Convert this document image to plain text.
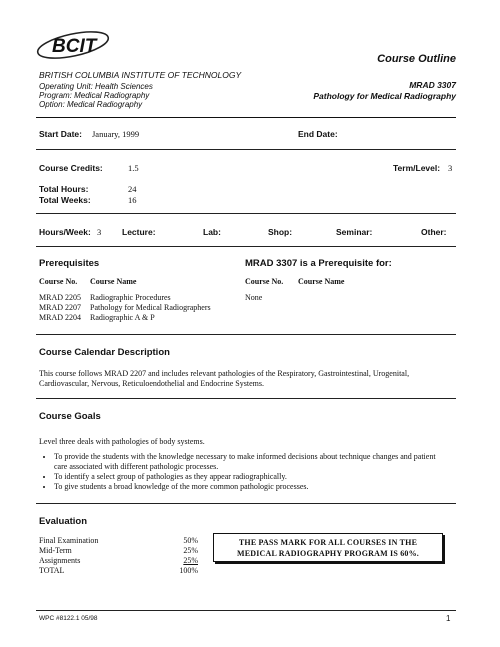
BCIT
Course Outline
BRITISH COLUMBIA INSTITUTE OF TECHNOLOGY
Operating Unit: Health Sciences
Program: Medical Radiography
Option: Medical Radiography
MRAD 3307
Pathology for Medical Radiography
Start Date: January, 1999	End Date:
Course Credits:	1.5	Term/Level: 3
Total Hours:	24
Total Weeks:	16
Hours/Week: 3 Lecture:	Lab:	Shop:	Seminar:	Other:
Prerequisites	MRAD 3307 is a Prerequisite for:
Course No. Course Name	Course No. Course Name
MRAD 2205 Radiographic Procedures
MRAD 2207 Pathology for Medical Radiographers
MRAD 2204 Radiographic A & P
None
Course Calendar Description
This course follows MRAD 2207 and includes relevant pathologies of the Respiratory, Gastrointestinal, Urogenital, Cardiovascular, Nervous, Reticuloendothelial and Endocrine Systems.
Course Goals
Level three deals with pathologies of body systems.
• To provide the students with the knowledge necessary to make informed decisions about technique changes and patient care associated with different pathologic processes.
• To identify a select group of pathologies as they appear radiographically.
• To give students a broad knowledge of the more common pathologic processes.
Evaluation
Final Examination	50%
Mid-Term	25%
Assignments	25%
TOTAL	100%
THE PASS MARK FOR ALL COURSES IN THE
MEDICAL RADIOGRAPHY PROGRAM IS 60%.
WPC #8122.1 05/98	1
